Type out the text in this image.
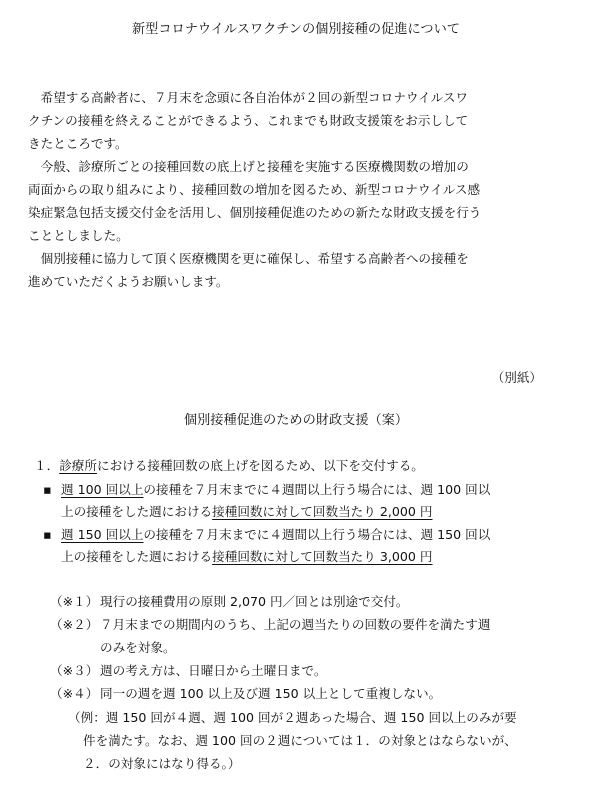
新型コロナウイルスワクチンの個別接種の促進について

　希望する高齢者に、７月末を念頭に各自治体が２回の新型コロナウイルスワ

クチンの接種を終えることができるよう、これまでも財政支援策をお示しして

きたところです。

　今般、診療所ごとの接種回数の底上げと接種を実施する医療機関数の増加の

両面からの取り組みにより、接種回数の増加を図るため、新型コロナウイルス感

染症緊急包括支援交付金を活用し、個別接種促進のための新たな財政支援を行う

こととしました。

　個別接種に協力して頂く医療機関を更に確保し、希望する高齢者への接種を

進めていただくようお願いします。

（別紙）

個別接種促進のための財政支援（案）

１．診療所における接種回数の底上げを図るため、以下を交付する。

▪ 週 100 回以上の接種を７月末までに４週間以上行う場合には、週 100 回以

上の接種をした週における接種回数に対して回数当たり 2,000 円

▪ 週 150 回以上の接種を７月末までに４週間以上行う場合には、週 150 回以

上の接種をした週における接種回数に対して回数当たり 3,000 円

（※１） 現行の接種費用の原則 2,070 円／回とは別途で交付。
（※２） ７月末までの期間内のうち、上記の週当たりの回数の要件を満たす週
のみを対象。
（※３） 週の考え方は、日曜日から土曜日まで。
（※４） 同一の週を週 100 以上及び週 150 以上として重複しない。

（例：週 150 回が４週、週 100 回が２週あった場合、週 150 回以上のみが要

件を満たす。なお、週 100 回の２週については１．の対象とはならないが、

２．の対象にはなり得る。）
